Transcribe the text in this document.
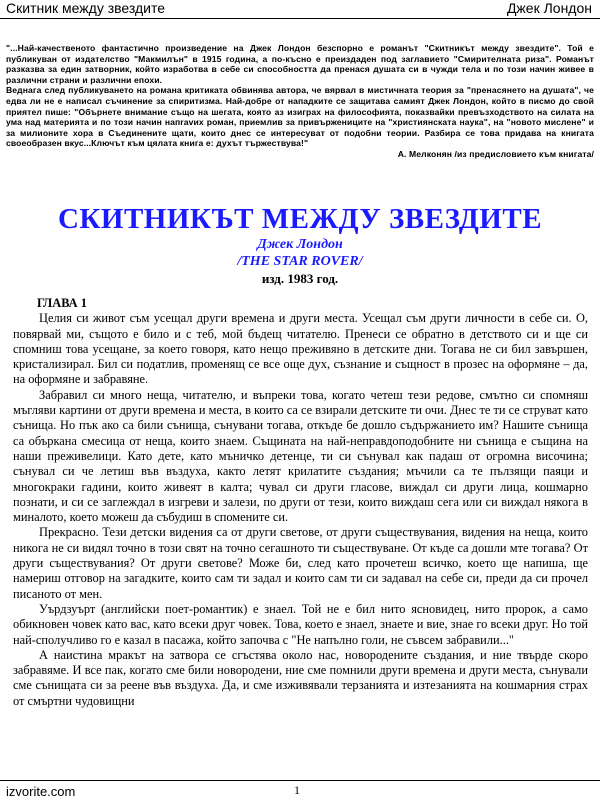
Скитник между звездите	Джек Лондон

"...Най-качественото фантастично произведение на Джек Лондон безспорно е романът "Скитникът между звездите". Той е публикуван от издателство "Макмилън" в 1915 година, а по-късно е преиздаден под заглавието "Смирителната риза". Романът разказва за един затворник, който изработва в себе си способността да пренася душата си в чужди тела и по този начин живее в различни страни и различни епохи.

Веднага след публикуването на романа критиката обвинява автора, че вярвал в мистичната теория за "пренасянето на душата", че едва ли не е написал съчинение за спиритизма. Най-добре от нападките се защитава самият Джек Лондон, който в писмо до свой приятел пише: "Обърнете внимание също на шегата, която аз изиграх на философията, показвайки превъзходството на силата на ума над материята и по този начин напravих роман, приемлив за привържениците на "християнската наука", на "новото мислене" и за милионите хора в Съединените щати, които днес се интересуват от подобни теории. Разбира се това придава на книгата своеобразен вкус...Ключът към цялата книга е: духът тържествува!"

А. Мелконян /из предисловието към книгата/

СКИТНИКЪТ МЕЖДУ ЗВЕЗДИТЕ
Джек Лондон
/THE STAR ROVER/
изд. 1983 год.
ГЛАВА 1

Целия си живот съм усещал други времена и други места. Усещал съм други личности в себе си. О, повярвай ми, същото е било и с теб, мой бъдещ читателю. Пренеси се обратно в детството си и ще си спомниш това усещане, за което говоря, като нещо преживяно в детските дни. Тогава не си бил завършен, кристализирал. Бил си податлив, променящ се все още дух, съзнание и същност в прозес на оформяне – да, на оформяне и забравяне.

Забравил си много неща, читателю, и въпреки това, когато четеш тези редове, смътно си спомняш мъгляви картини от други времена и места, в които са се взирали детските ти очи. Днес те ти се струват като сънища. Но пък ако са били сънища, сънувани тогава, откъде бе дошло съдържанието им? Нашите сънища са объркана смесица от неща, които знаем. Същината на най-неправдоподобните ни сънища е същина на наши преживелици. Като дете, като мъничко детенце, ти си сънувал как падаш от огромна височина; сънувал си че летиш във въздуха, както летят крилатите създания; мъчили са те пълзящи паяци и многокраки гадини, които живеят в калта; чувал си други гласове, виждал си други лица, кошмарно познати, и си се заглеждал в изгреви и залези, по други от тези, които виждаш сега или си виждал някога в миналото, което можеш да събудиш в спомените си.

Прекрасно. Тези детски видения са от други светове, от други съществувания, видения на неща, които никога не си видял точно в този свят на точно сегашното ти съществуване. От къде са дошли мте тогава? От други съществувания? От други светове? Може би, след като прочетеш всичко, което ще напиша, ще намериш отговор на загадките, които сам ти задал и които сам ти си задавал на себе си, преди да си прочел писаното от мен.

Уърдзуърт (английски поет-романтик) е знаел. Той не е бил нито ясновидец, нито пророк, а само обикновен човек като вас, като всеки друг човек. Това, което е знаел, знаете и вие, знае го всеки друг. Но той най-сполучливо го е казал в пасажа, който започва с "Не напълно голи, не съвсем забравили..."

А наистина мракът на затвора се сгъстява около нас, новородените създания, и ние твърде скоро забравяме. И все пак, когато сме били новородени, ние сме помнили други времена и други места, сънували сме сънищата си за реене във въздуха. Да, и сме изживявали терзанията и изтезанията на кошмарния страх от смъртни чудовищни

izvorite.com	1
